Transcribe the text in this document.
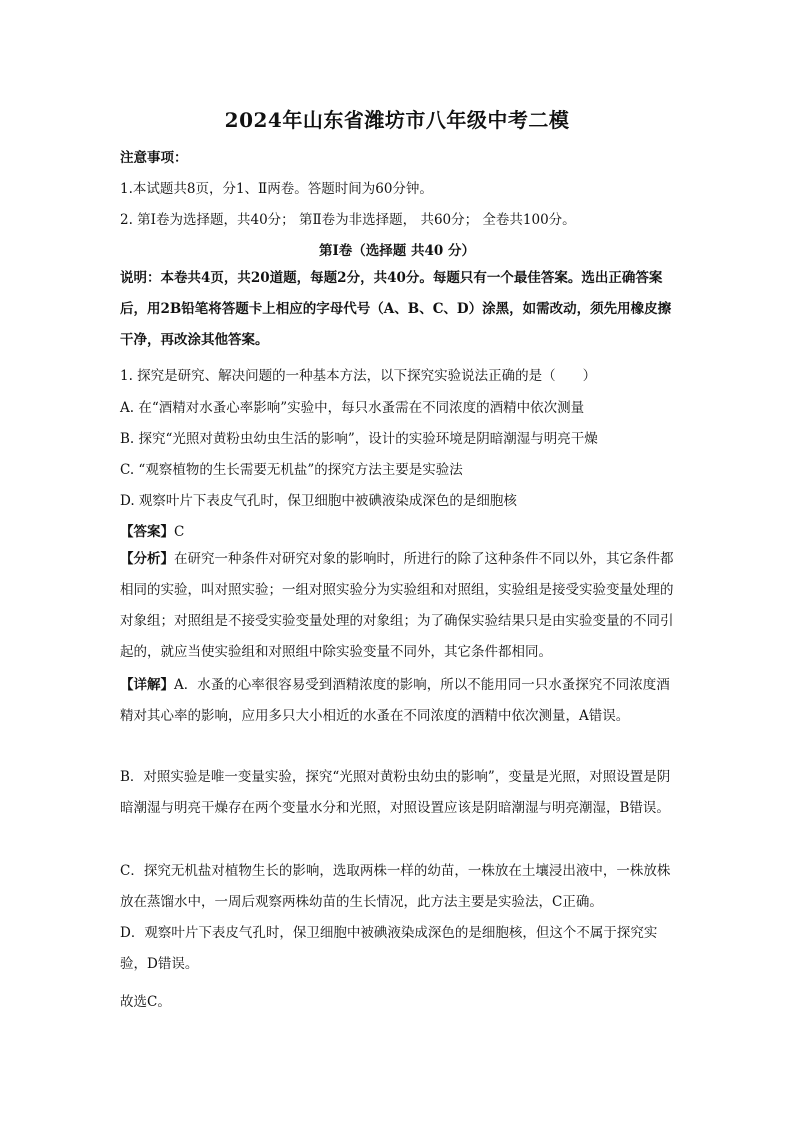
2024年山东省潍坊市八年级中考二模
注意事项：
1.本试题共8页，分1、Ⅱ两卷。答题时间为60分钟。
2. 第Ⅰ卷为选择题，共40分； 第Ⅱ卷为非选择题， 共60分； 全卷共100分。
第Ⅰ卷（选择题 共40 分）
说明：本卷共4页，共20道题，每题2分，共40分。每题只有一个最佳答案。选出正确答案后，用2B铅笔将答题卡上相应的字母代号（A、B、C、D）涂黑，如需改动，须先用橡皮擦干净，再改涂其他答案。
1. 探究是研究、解决问题的一种基本方法，以下探究实验说法正确的是（　　）
A. 在“酒精对水蚤心率影响”实验中，每只水蚤需在不同浓度的酒精中依次测量
B. 探究“光照对黄粉虫幼虫生活的影响”，设计的实验环境是阴暗潮湿与明亮干燥
C. “观察植物的生长需要无机盐”的探究方法主要是实验法
D. 观察叶片下表皮气孔时，保卫细胞中被碘液染成深色的是细胞核
【答案】C
【分析】在研究一种条件对研究对象的影响时，所进行的除了这种条件不同以外，其它条件都相同的实验，叫对照实验；一组对照实验分为实验组和对照组，实验组是接受实验变量处理的对象组；对照组是不接受实验变量处理的对象组；为了确保实验结果只是由实验变量的不同引起的，就应当使实验组和对照组中除实验变量不同外，其它条件都相同。
【详解】A．水蚤的心率很容易受到酒精浓度的影响，所以不能用同一只水蚤探究不同浓度酒精对其心率的影响，应用多只大小相近的水蚤在不同浓度的酒精中依次测量，A错误。
B．对照实验是唯一变量实验，探究“光照对黄粉虫幼虫的影响”，变量是光照，对照设置是阴暗潮湿与明亮干燥存在两个变量水分和光照，对照设置应该是阴暗潮湿与明亮潮湿，B错误。
C．探究无机盐对植物生长的影响，选取两株一样的幼苗，一株放在土壤浸出液中，一株放株放在蒸馏水中，一周后观察两株幼苗的生长情况，此方法主要是实验法，C正确。
D．观察叶片下表皮气孔时，保卫细胞中被碘液染成深色的是细胞核，但这个不属于探究实验，D错误。
故选C。
